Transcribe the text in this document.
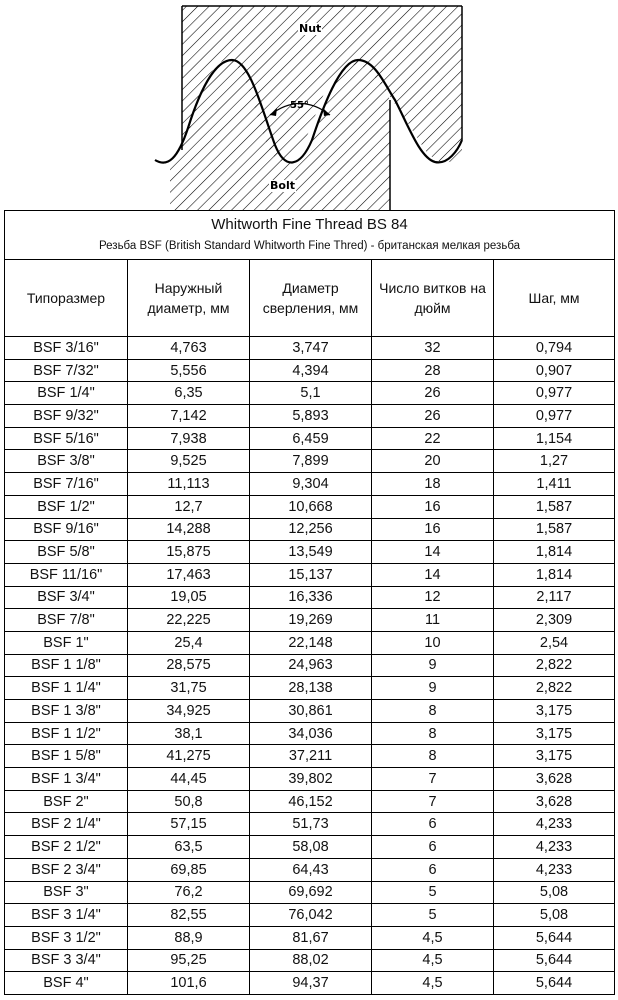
Nut
55°
Bolt
Whitworth Fine Thread BS 84
Резьба BSF (British Standard Whitworth Fine Thred) - британская мелкая резьба				

Типоразмер	Наружный диаметр, мм	Диаметр сверления, мм	Число витков на дюйм	Шаг, мм
BSF 3/16"	4,763	3,747	32	0,794
BSF 7/32"	5,556	4,394	28	0,907
BSF 1/4"	6,35	5,1	26	0,977
BSF 9/32"	7,142	5,893	26	0,977
BSF 5/16"	7,938	6,459	22	1,154
BSF 3/8"	9,525	7,899	20	1,27
BSF 7/16"	11,113	9,304	18	1,411
BSF 1/2"	12,7	10,668	16	1,587
BSF 9/16"	14,288	12,256	16	1,587
BSF 5/8"	15,875	13,549	14	1,814
BSF 11/16"	17,463	15,137	14	1,814
BSF 3/4"	19,05	16,336	12	2,117
BSF 7/8"	22,225	19,269	11	2,309
BSF 1"	25,4	22,148	10	2,54
BSF 1 1/8"	28,575	24,963	9	2,822
BSF 1 1/4"	31,75	28,138	9	2,822
BSF 1 3/8"	34,925	30,861	8	3,175
BSF 1 1/2"	38,1	34,036	8	3,175
BSF 1 5/8"	41,275	37,211	8	3,175
BSF 1 3/4"	44,45	39,802	7	3,628
BSF 2"	50,8	46,152	7	3,628
BSF 2 1/4"	57,15	51,73	6	4,233
BSF 2 1/2"	63,5	58,08	6	4,233
BSF 2 3/4"	69,85	64,43	6	4,233
BSF 3"	76,2	69,692	5	5,08
BSF 3 1/4"	82,55	76,042	5	5,08
BSF 3 1/2"	88,9	81,67	4,5	5,644
BSF 3 3/4"	95,25	88,02	4,5	5,644
BSF 4"	101,6	94,37	4,5	5,644
